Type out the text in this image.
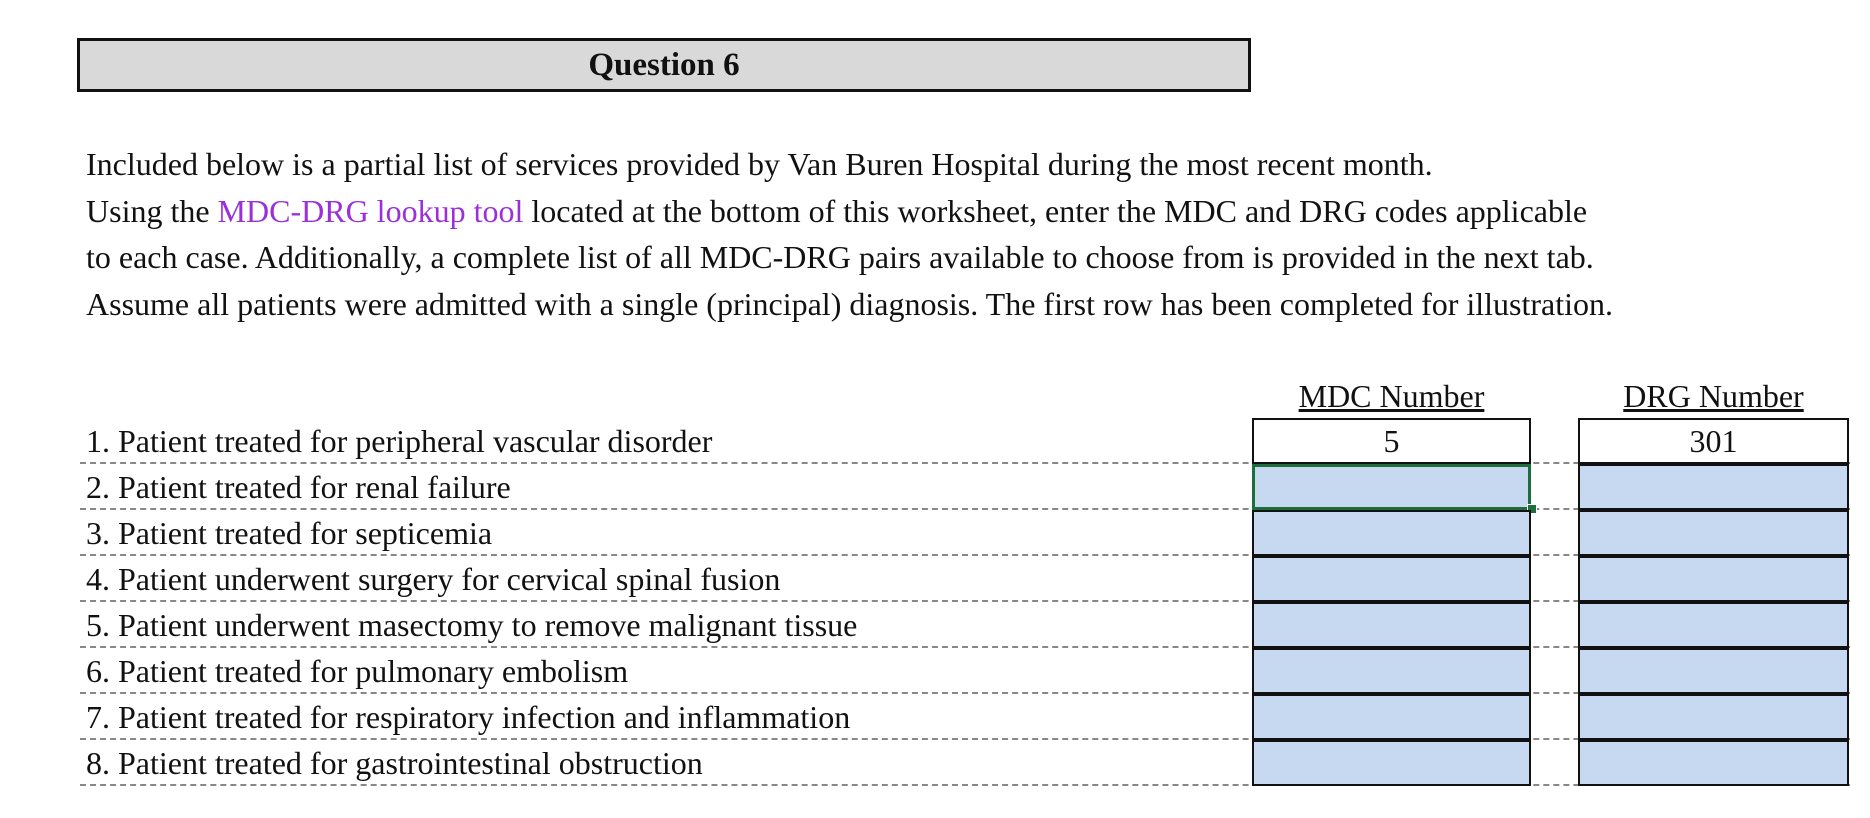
Question 6

Included below is a partial list of services provided by Van Buren Hospital during the most recent month.

Using the MDC-DRG lookup tool located at the bottom of this worksheet, enter the MDC and DRG codes applicable

to each case. Additionally, a complete list of all MDC-DRG pairs available to choose from is provided in the next tab.

Assume all patients were admitted with a single (principal) diagnosis. The first row has been completed for illustration.

MDC Number	DRG Number
1. Patient treated for peripheral vascular disorder	5	301
2. Patient treated for renal failure
3. Patient treated for septicemia
4. Patient underwent surgery for cervical spinal fusion
5. Patient underwent masectomy to remove malignant tissue
6. Patient treated for pulmonary embolism
7. Patient treated for respiratory infection and inflammation
8. Patient treated for gastrointestinal obstruction
